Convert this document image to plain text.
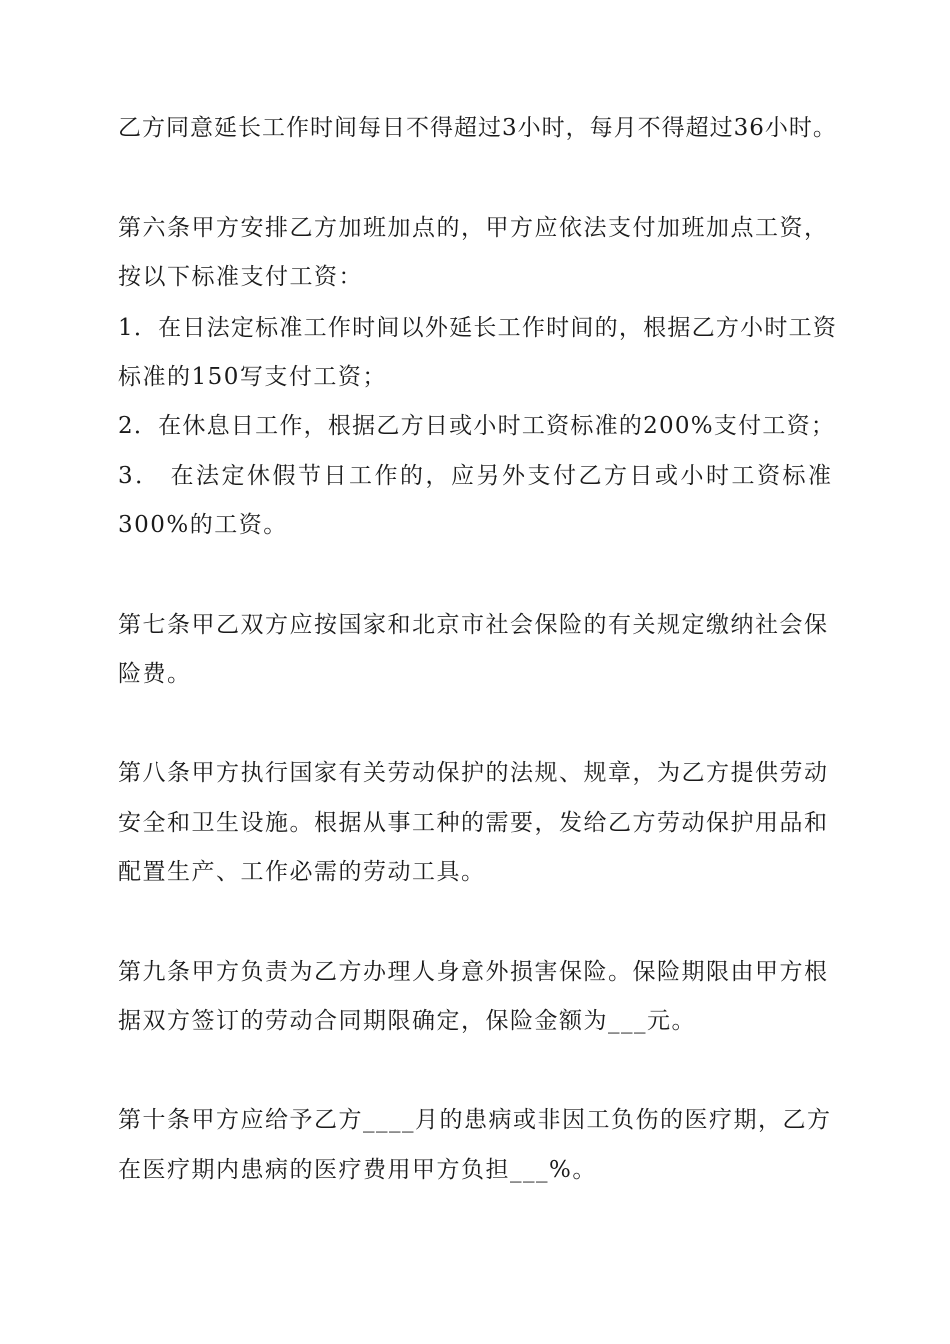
乙方同意延长工作时间每日不得超过3小时，每月不得超过36小时。
第六条甲方安排乙方加班加点的，甲方应依法支付加班加点工资，
按以下标准支付工资：
1．在日法定标准工作时间以外延长工作时间的，根据乙方小时工资
标准的150写支付工资；
2．在休息日工作，根据乙方日或小时工资标准的200%支付工资；
3． 在法定休假节日工作的，应另外支付乙方日或小时工资标准
300%的工资。
第七条甲乙双方应按国家和北京市社会保险的有关规定缴纳社会保
险费。
第八条甲方执行国家有关劳动保护的法规、规章，为乙方提供劳动
安全和卫生设施。根据从事工种的需要，发给乙方劳动保护用品和
配置生产、工作必需的劳动工具。
第九条甲方负责为乙方办理人身意外损害保险。保险期限由甲方根
据双方签订的劳动合同期限确定，保险金额为___元。
第十条甲方应给予乙方____月的患病或非因工负伤的医疗期，乙方
在医疗期内患病的医疗费用甲方负担___%。
